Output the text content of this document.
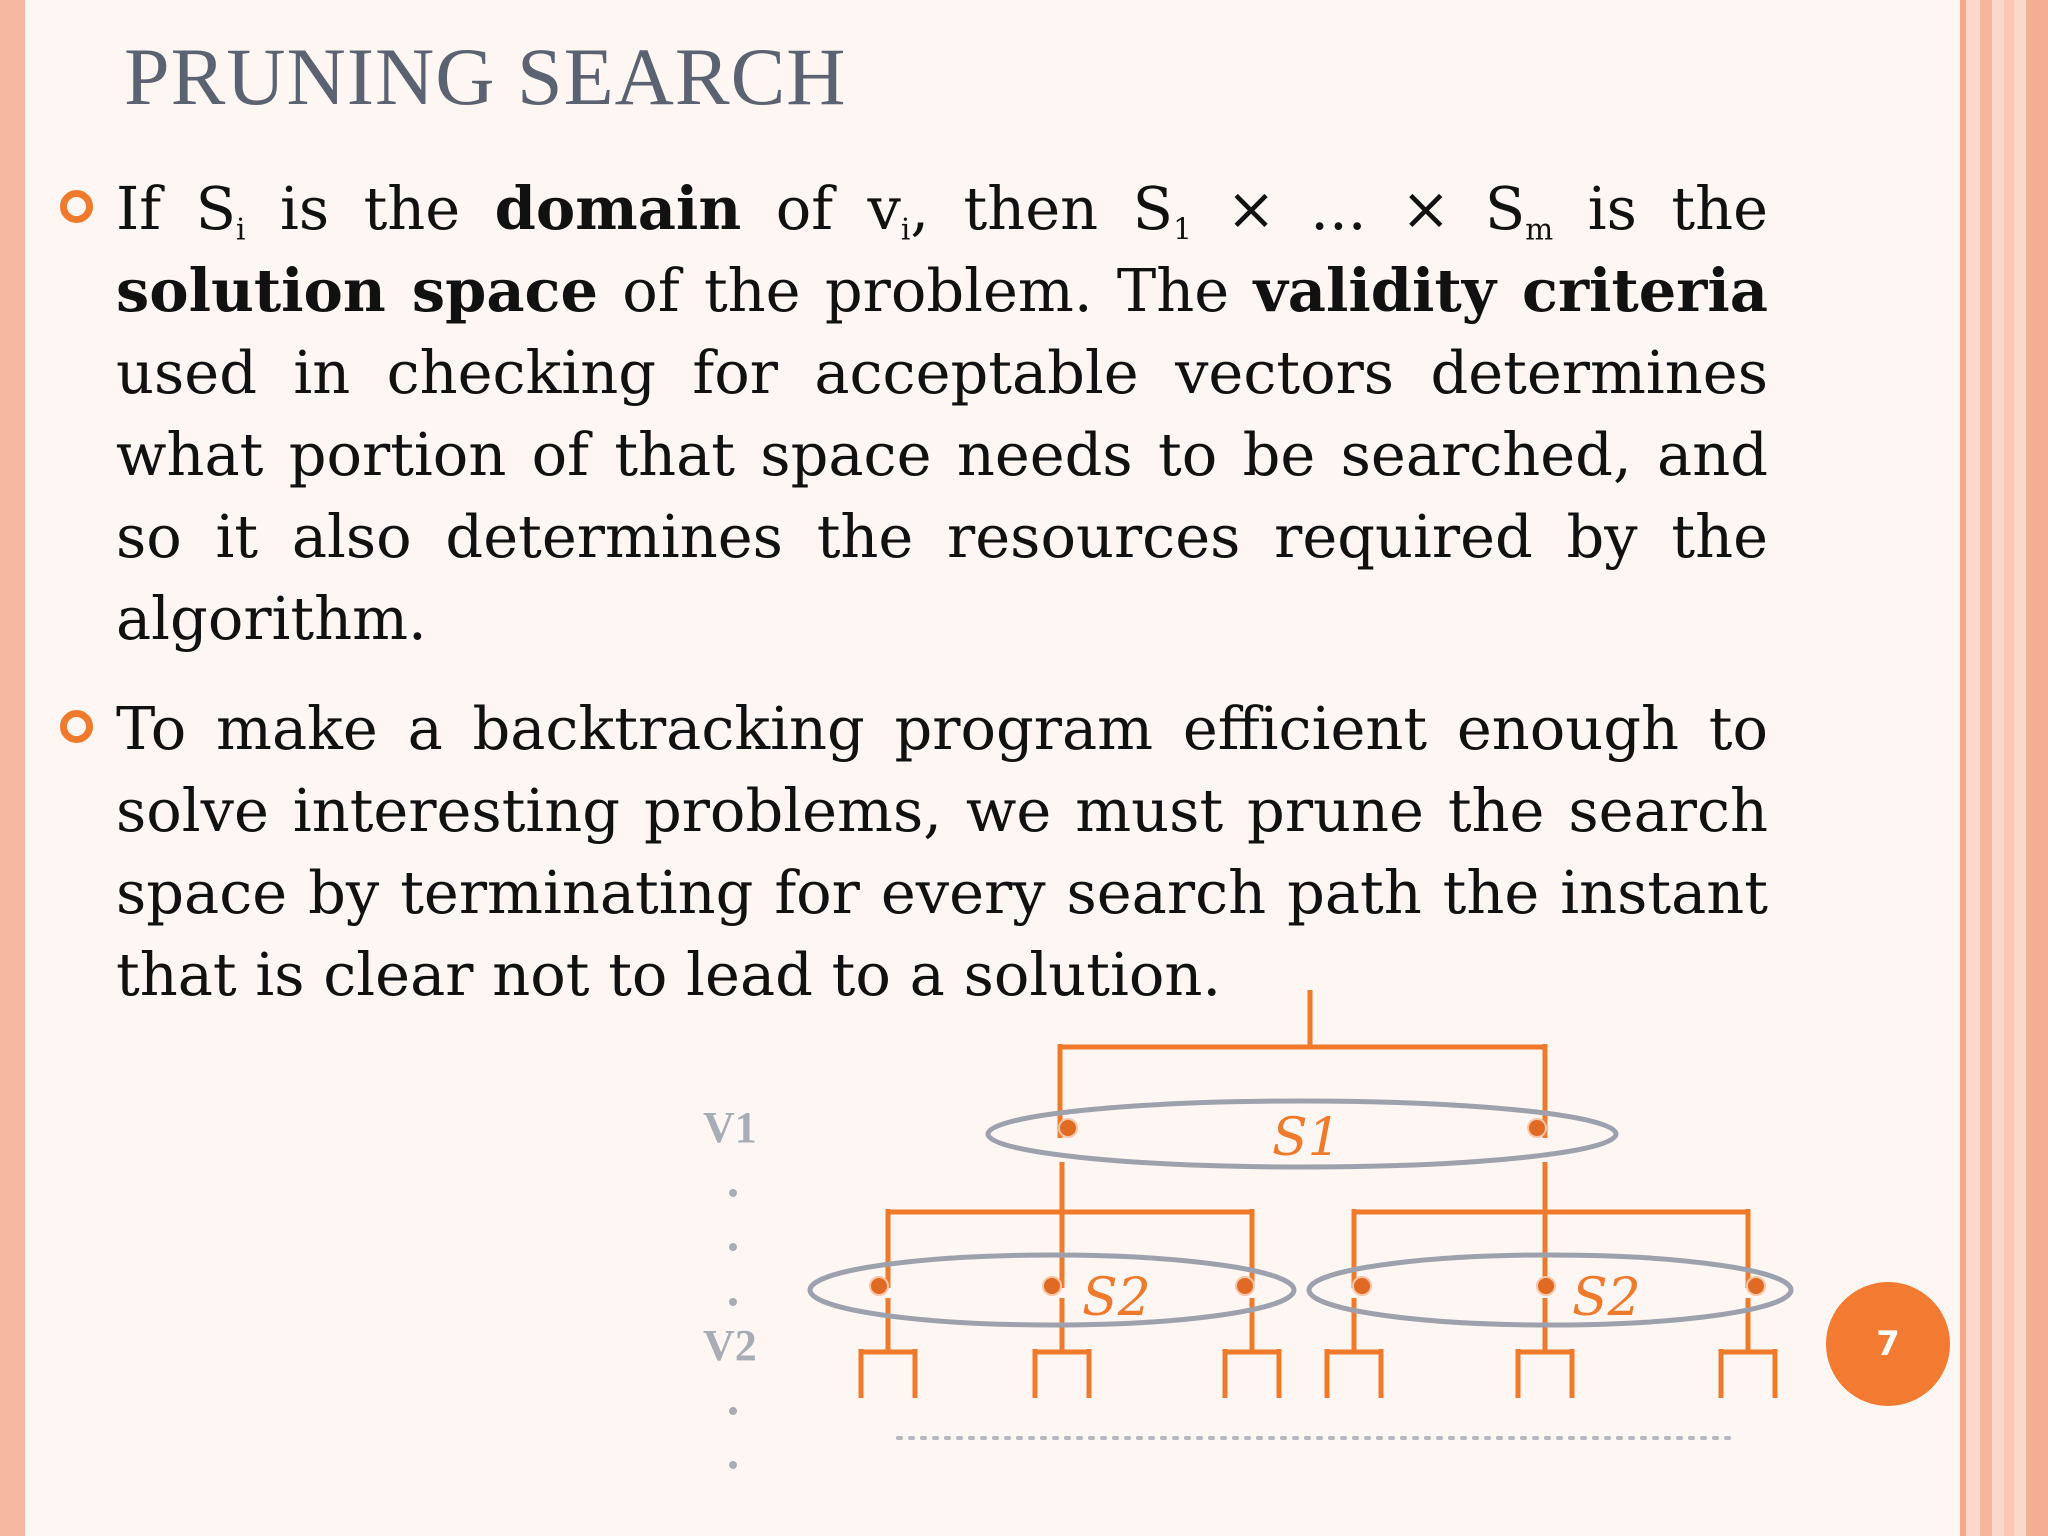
PRUNING SEARCH
If $S_i$ is the domain of $v_i$, then $S_1$ × ... × $S_m$ is the solution space of the problem. The validity criteria used in checking for acceptable vectors determines what portion of that space needs to be searched, and so it also determines the resources required by the algorithm.
To make a backtracking program efficient enough to solve interesting problems, we must prune the search space by terminating for every search path the instant that is clear not to lead to a solution.
S1
S2	S2
V1
V2	7
